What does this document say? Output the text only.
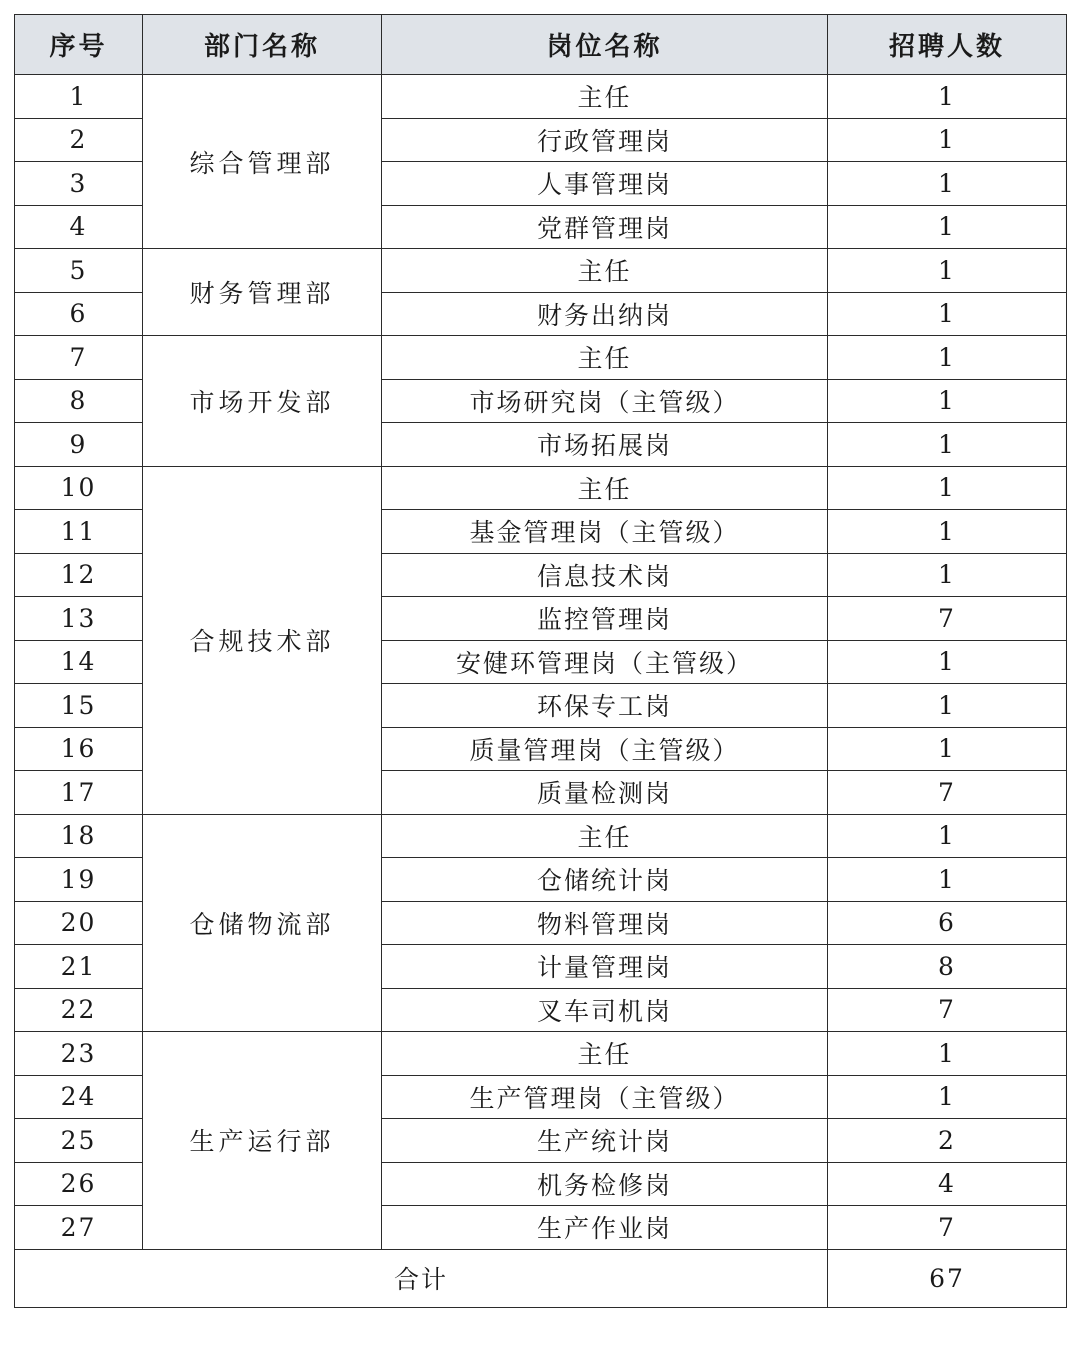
序号	部门名称	岗位名称	招聘人数
1	综合管理部	主任	1
2		行政管理岗	1
3		人事管理岗	1
4		党群管理岗	1
5	财务管理部	主任	1
6		财务出纳岗	1
7	市场开发部	主任	1
8		市场研究岗（主管级）	1
9		市场拓展岗	1
10	合规技术部	主任	1
11		基金管理岗（主管级）	1
12		信息技术岗	1
13		监控管理岗	7
14		安健环管理岗（主管级）	1
15		环保专工岗	1
16		质量管理岗（主管级）	1
17		质量检测岗	7
18	仓储物流部	主任	1
19		仓储统计岗	1
20		物料管理岗	6
21		计量管理岗	8
22		叉车司机岗	7
23	生产运行部	主任	1
24		生产管理岗（主管级）	1
25		生产统计岗	2
26		机务检修岗	4
27		生产作业岗	7
合计			67
